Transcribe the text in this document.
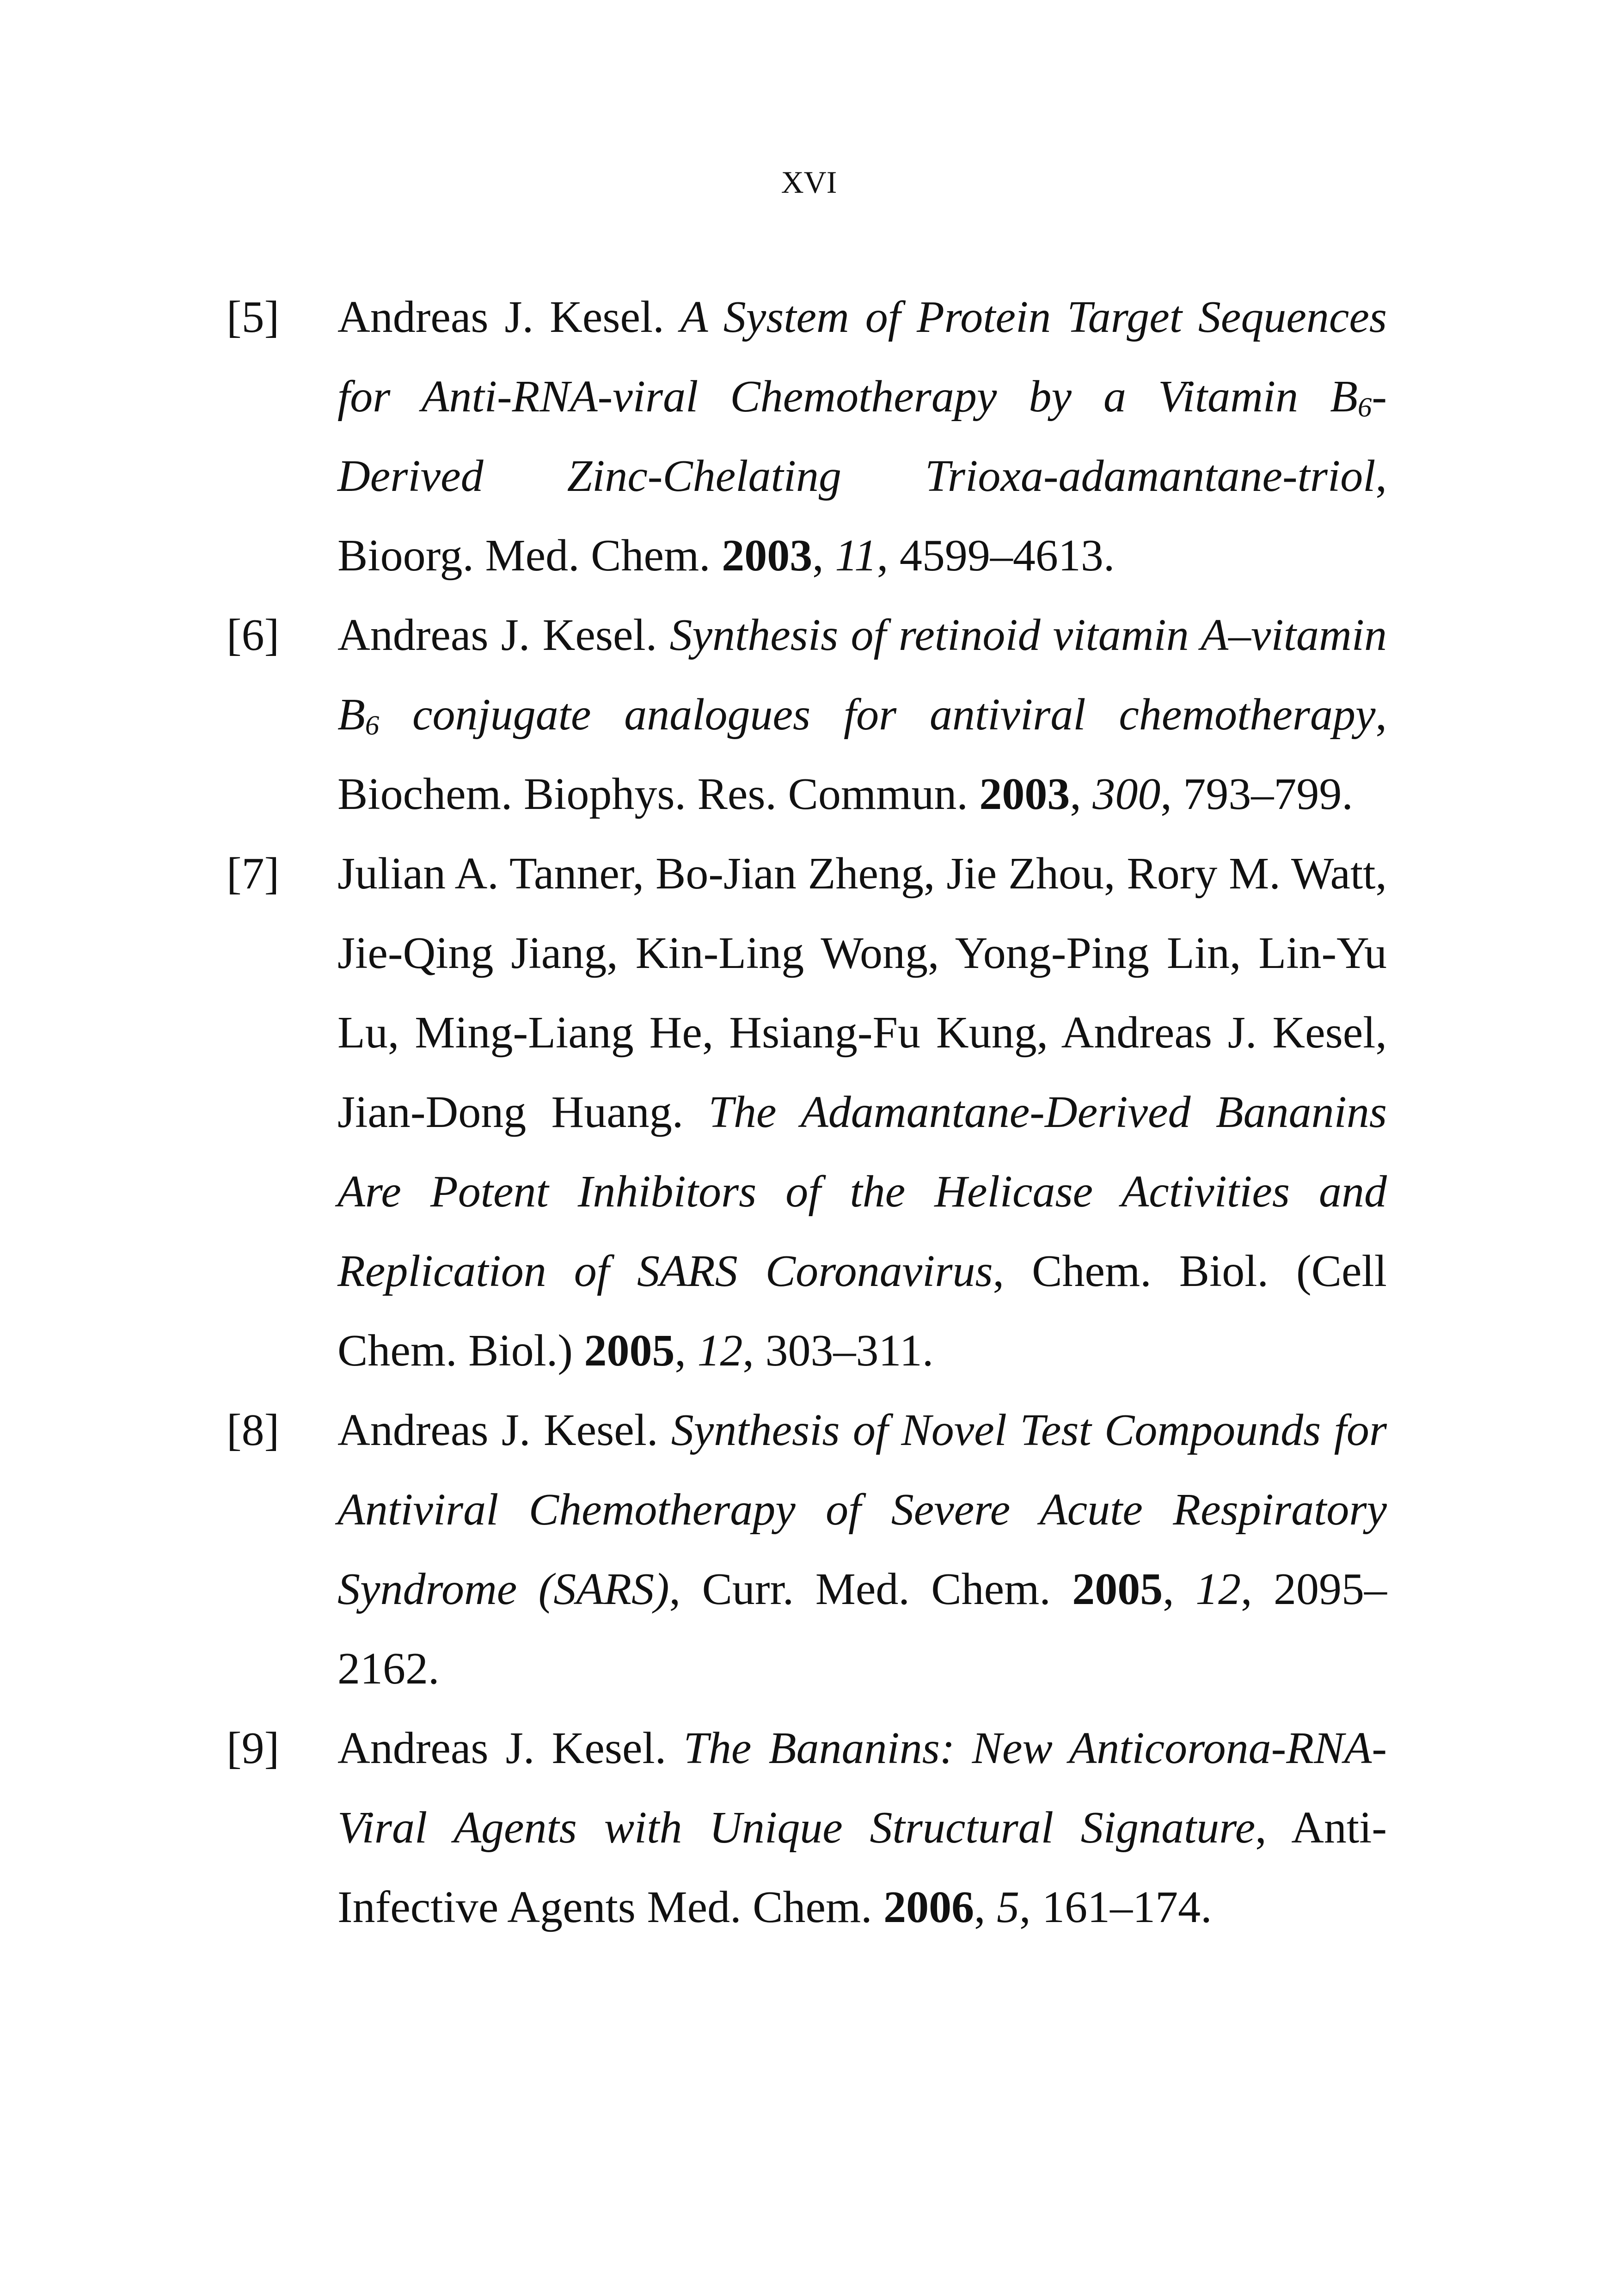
XVI

[5] Andreas J. Kesel. A System of Protein Target Sequences for Anti-RNA-viral Chemotherapy by a Vitamin $B_6$-Derived Zinc-Chelating Trioxa-adamantane-triol, Bioorg. Med. Chem. 2003, 11, 4599–4613.

[6] Andreas J. Kesel. Synthesis of retinoid vitamin A–vitamin $B_6$ conjugate analogues for antiviral chemotherapy, Biochem. Biophys. Res. Commun. 2003, 300, 793–799.

[7] Julian A. Tanner, Bo-Jian Zheng, Jie Zhou, Rory M. Watt, Jie-Qing Jiang, Kin-Ling Wong, Yong-Ping Lin, Lin-Yu Lu, Ming-Liang He, Hsiang-Fu Kung, Andreas J. Kesel, Jian-Dong Huang. The Adamantane-Derived Bananins Are Potent Inhibitors of the Helicase Activities and Replication of SARS Coronavirus, Chem. Biol. (Cell Chem. Biol.) 2005, 12, 303–311.

[8] Andreas J. Kesel. Synthesis of Novel Test Compounds for Antiviral Chemotherapy of Severe Acute Respiratory Syndrome (SARS), Curr. Med. Chem. 2005, 12, 2095–2162.

[9] Andreas J. Kesel. The Bananins: New Anticorona-RNA-Viral Agents with Unique Structural Signature, Anti-Infective Agents Med. Chem. 2006, 5, 161–174.
